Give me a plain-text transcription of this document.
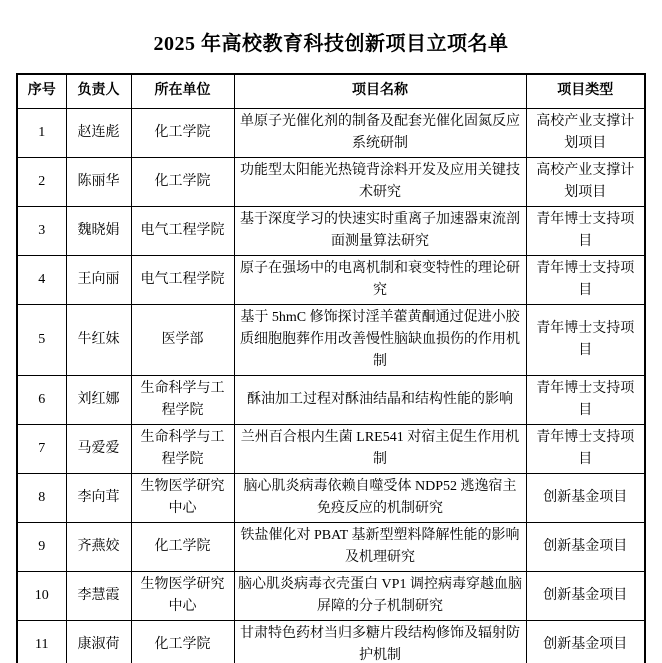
2025 年高校教育科技创新项目立项名单
序号	负责人	所在单位	项目名称	项目类型
1	赵连彪	化工学院	单原子光催化剂的制备及配套光催化固氮反应系统研制	高校产业支撑计划项目
2	陈丽华	化工学院	功能型太阳能光热镜背涂料开发及应用关键技术研究	高校产业支撑计划项目
3	魏晓娟	电气工程学院	基于深度学习的快速实时重离子加速器束流剖面测量算法研究	青年博士支持项目
4	王向丽	电气工程学院	原子在强场中的电离机制和衰变特性的理论研究	青年博士支持项目
5	牛红妹	医学部	基于 5hmC 修饰探讨淫羊藿黄酮通过促进小胶质细胞胞葬作用改善慢性脑缺血损伤的作用机制	青年博士支持项目
6	刘红娜	生命科学与工程学院	酥油加工过程对酥油结晶和结构性能的影响	青年博士支持项目
7	马爱爱	生命科学与工程学院	兰州百合根内生菌 LRE541 对宿主促生作用机制	青年博士支持项目
8	李向茸	生物医学研究中心	脑心肌炎病毒依赖自噬受体 NDP52 逃逸宿主免疫反应的机制研究	创新基金项目
9	齐燕姣	化工学院	铁盐催化对 PBAT 基新型塑料降解性能的影响及机理研究	创新基金项目
10	李慧霞	生物医学研究中心	脑心肌炎病毒衣壳蛋白 VP1 调控病毒穿越血脑屏障的分子机制研究	创新基金项目
11	康淑荷	化工学院	甘肃特色药材当归多糖片段结构修饰及辐射防护机制	创新基金项目
